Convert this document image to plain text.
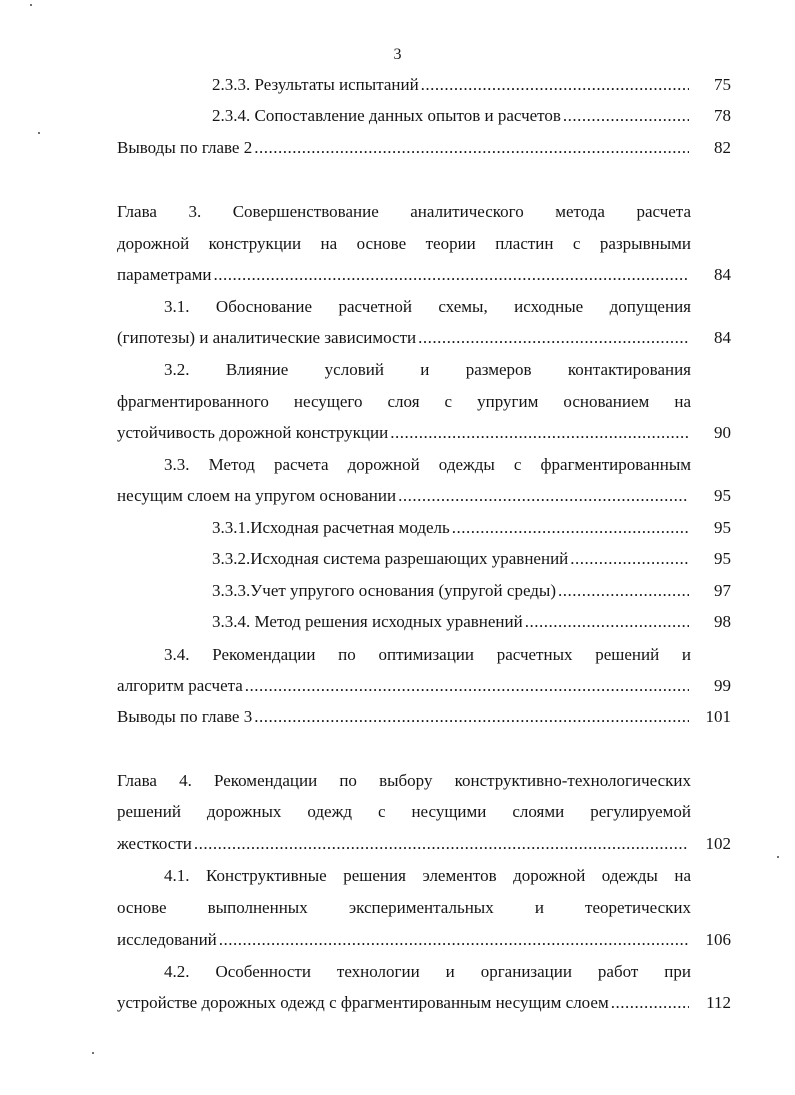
3
2.3.3. Результаты испытаний .....	75
2.3.4. Сопоставление данных опытов и расчетов .....	78
Выводы по главе 2 .....	82
Глава 3. Совершенствование аналитического метода расчета
дорожной конструкции на основе теории пластин с разрывными
параметрами .....	84
3.1. Обоснование расчетной схемы, исходные допущения
(гипотезы) и аналитические зависимости .....	84
3.2. Влияние условий и размеров контактирования
фрагментированного несущего слоя с упругим основанием на
устойчивость дорожной конструкции .....	90
3.3. Метод расчета дорожной одежды с фрагментированным
несущим слоем на упругом основании .....	95
3.3.1.Исходная расчетная модель .....	95
3.3.2.Исходная система разрешающих уравнений .....	95
3.3.3.Учет упругого основания (упругой среды) .....	97
3.3.4. Метод решения исходных уравнений .....	98
3.4. Рекомендации по оптимизации расчетных решений и
алгоритм расчета .....	99
Выводы по главе 3 .....	101
Глава 4. Рекомендации по выбору конструктивно-технологических
решений дорожных одежд с несущими слоями регулируемой
жесткости .....	102
4.1. Конструктивные решения элементов дорожной одежды на
основе выполненных экспериментальных и теоретических
исследований .....	106
4.2. Особенности технологии и организации работ при
устройстве дорожных одежд с фрагментированным несущим слоем .....	112
